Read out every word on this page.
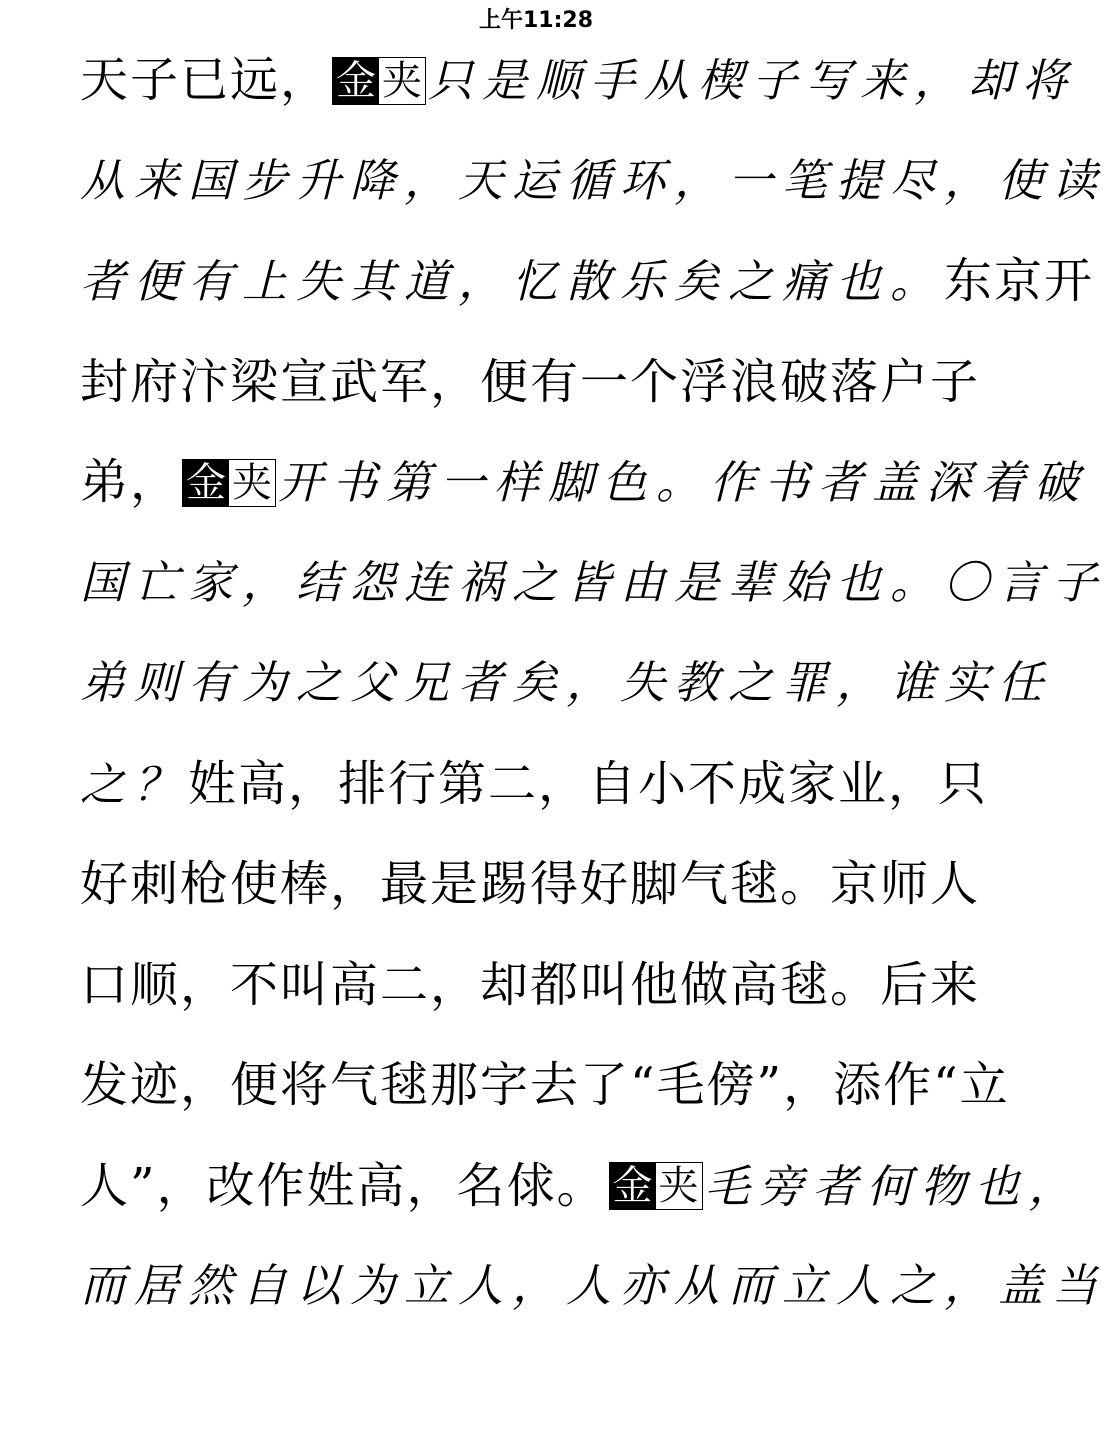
上午11:28
天子已远， 金 夹 只是顺手从楔子写来，却将
从来国步升降，天运循环，一笔提尽，使读
者便有上失其道，忆散乐矣之痛也。东京开
封府汴梁宣武军，便有一个浮浪破落户子
弟， 金 夹 开书第一样脚色。作书者盖深着破
国亡家，结怨连祸之皆由是辈始也。〇言子
弟则有为之父兄者矣，失教之罪，谁实任
之？姓高，排行第二，自小不成家业，只
好刺枪使棒，最是踢得好脚气毬。京师人
口顺，不叫高二，却都叫他做高毬。后来
发迹，便将气毬那字去了“毛傍”，添作“立
人”，改作姓高，名俅。 金 夹 毛旁者何物也，
而居然自以为立人，人亦从而立人之，盖当
